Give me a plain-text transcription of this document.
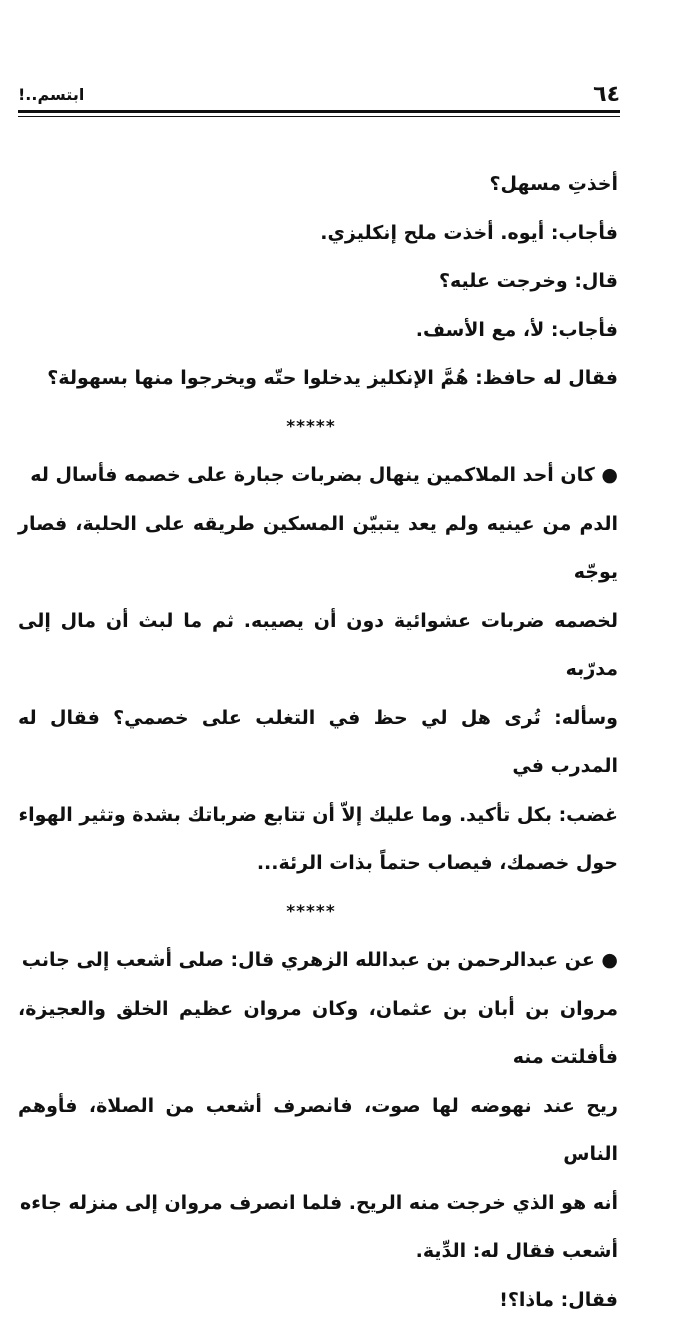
٦٤
ابتسم..!

أخذتِ مسهل؟

فأجاب: أيوه. أخذت ملح إنكليزي.

قال: وخرجت عليه؟

فأجاب: لأ، مع الأسف.

فقال له حافظ: هُمَّ الإنكليز يدخلوا حتّه ويخرجوا منها بسهولة؟

*****

● كان أحد الملاكمين ينهال بضربات جبارة على خصمه فأسال له

الدم من عينيه ولم يعد يتبيّن المسكين طريقه على الحلبة، فصار يوجّه

لخصمه ضربات عشوائية دون أن يصيبه. ثم ما لبث أن مال إلى مدرّبه

وسأله: تُرى هل لي حظ في التغلب على خصمي؟ فقال له المدرب في

غضب: بكل تأكيد. وما عليك إلاّ أن تتابع ضرباتك بشدة وتثير الهواء

حول خصمك، فيصاب حتماً بذات الرئة...

*****

● عن عبدالرحمن بن عبدالله الزهري قال: صلى أشعب إلى جانب

مروان بن أبان بن عثمان، وكان مروان عظيم الخلق والعجيزة، فأفلتت منه

ريح عند نهوضه لها صوت، فانصرف أشعب من الصلاة، فأوهم الناس

أنه هو الذي خرجت منه الريح. فلما انصرف مروان إلى منزله جاءه

أشعب فقال له: الدِّية.

فقال: ماذا؟!
